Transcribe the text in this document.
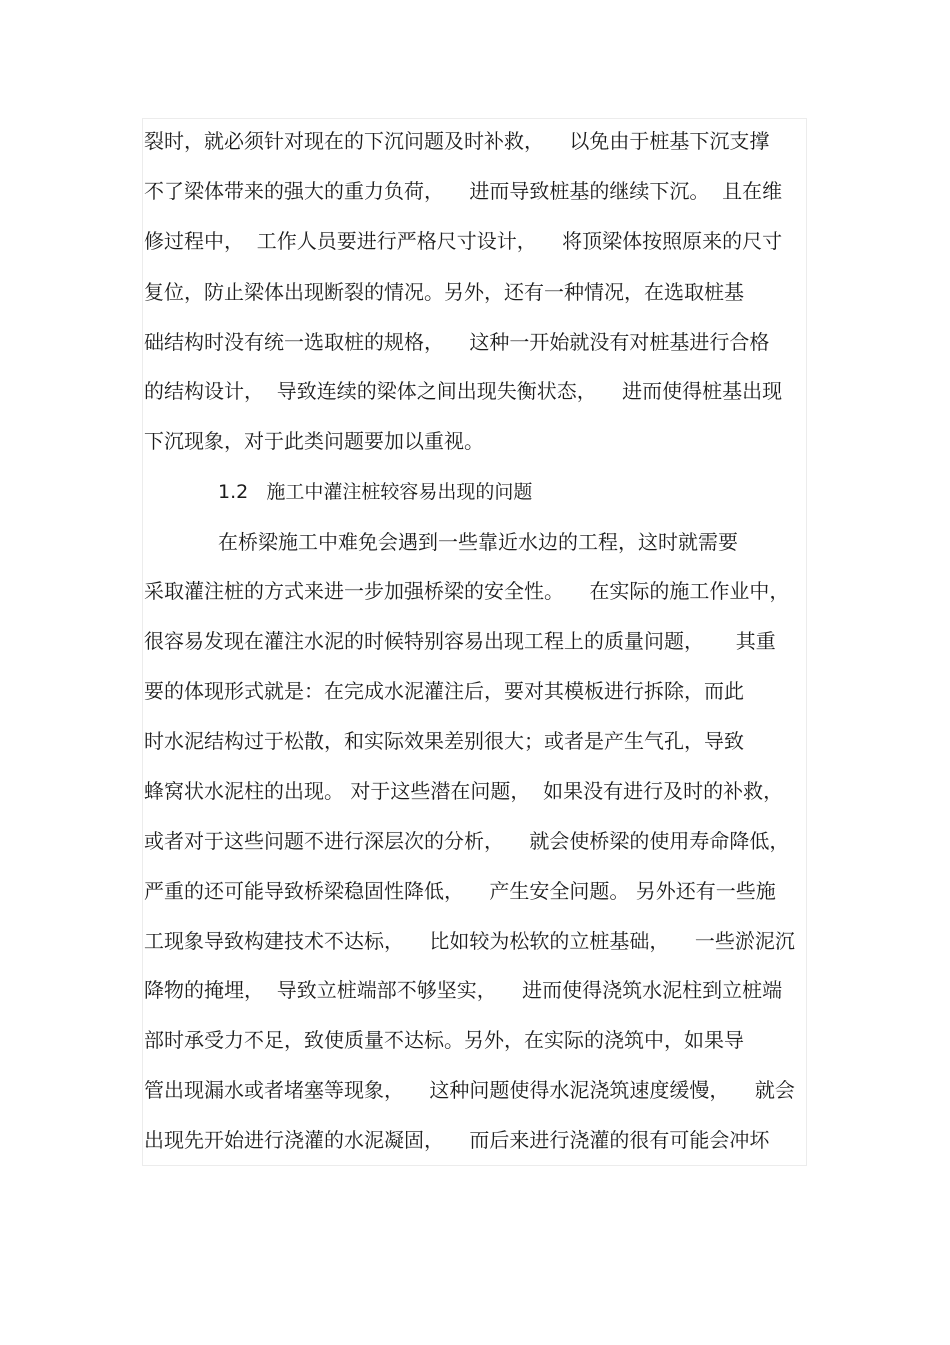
裂时，就必须针对现在的下沉问题及时补救，    以免由于桩基下沉支撑
不了梁体带来的强大的重力负荷，    进而导致桩基的继续下沉。  且在维
修过程中，  工作人员要进行严格尺寸设计，    将顶梁体按照原来的尺寸
复位，防止梁体出现断裂的情况。另外，还有一种情况，在选取桩基
础结构时没有统一选取桩的规格，    这种一开始就没有对桩基进行合格
的结构设计，  导致连续的梁体之间出现失衡状态，    进而使得桩基出现
下沉现象，对于此类问题要加以重视。
1.2   施工中灌注桩较容易出现的问题
在桥梁施工中难免会遇到一些靠近水边的工程，这时就需要
采取灌注桩的方式来进一步加强桥梁的安全性。    在实际的施工作业中，
很容易发现在灌注水泥的时候特别容易出现工程上的质量问题，     其重
要的体现形式就是：在完成水泥灌注后，要对其模板进行拆除，而此
时水泥结构过于松散，和实际效果差别很大；或者是产生气孔，导致
蜂窝状水泥柱的出现。 对于这些潜在问题，  如果没有进行及时的补救，
或者对于这些问题不进行深层次的分析，    就会使桥梁的使用寿命降低，
严重的还可能导致桥梁稳固性降低，    产生安全问题。 另外还有一些施
工现象导致构建技术不达标，    比如较为松软的立桩基础，    一些淤泥沉
降物的掩埋，  导致立桩端部不够坚实，    进而使得浇筑水泥柱到立桩端
部时承受力不足，致使质量不达标。另外，在实际的浇筑中，如果导
管出现漏水或者堵塞等现象，    这种问题使得水泥浇筑速度缓慢，    就会
出现先开始进行浇灌的水泥凝固，    而后来进行浇灌的很有可能会冲坏
